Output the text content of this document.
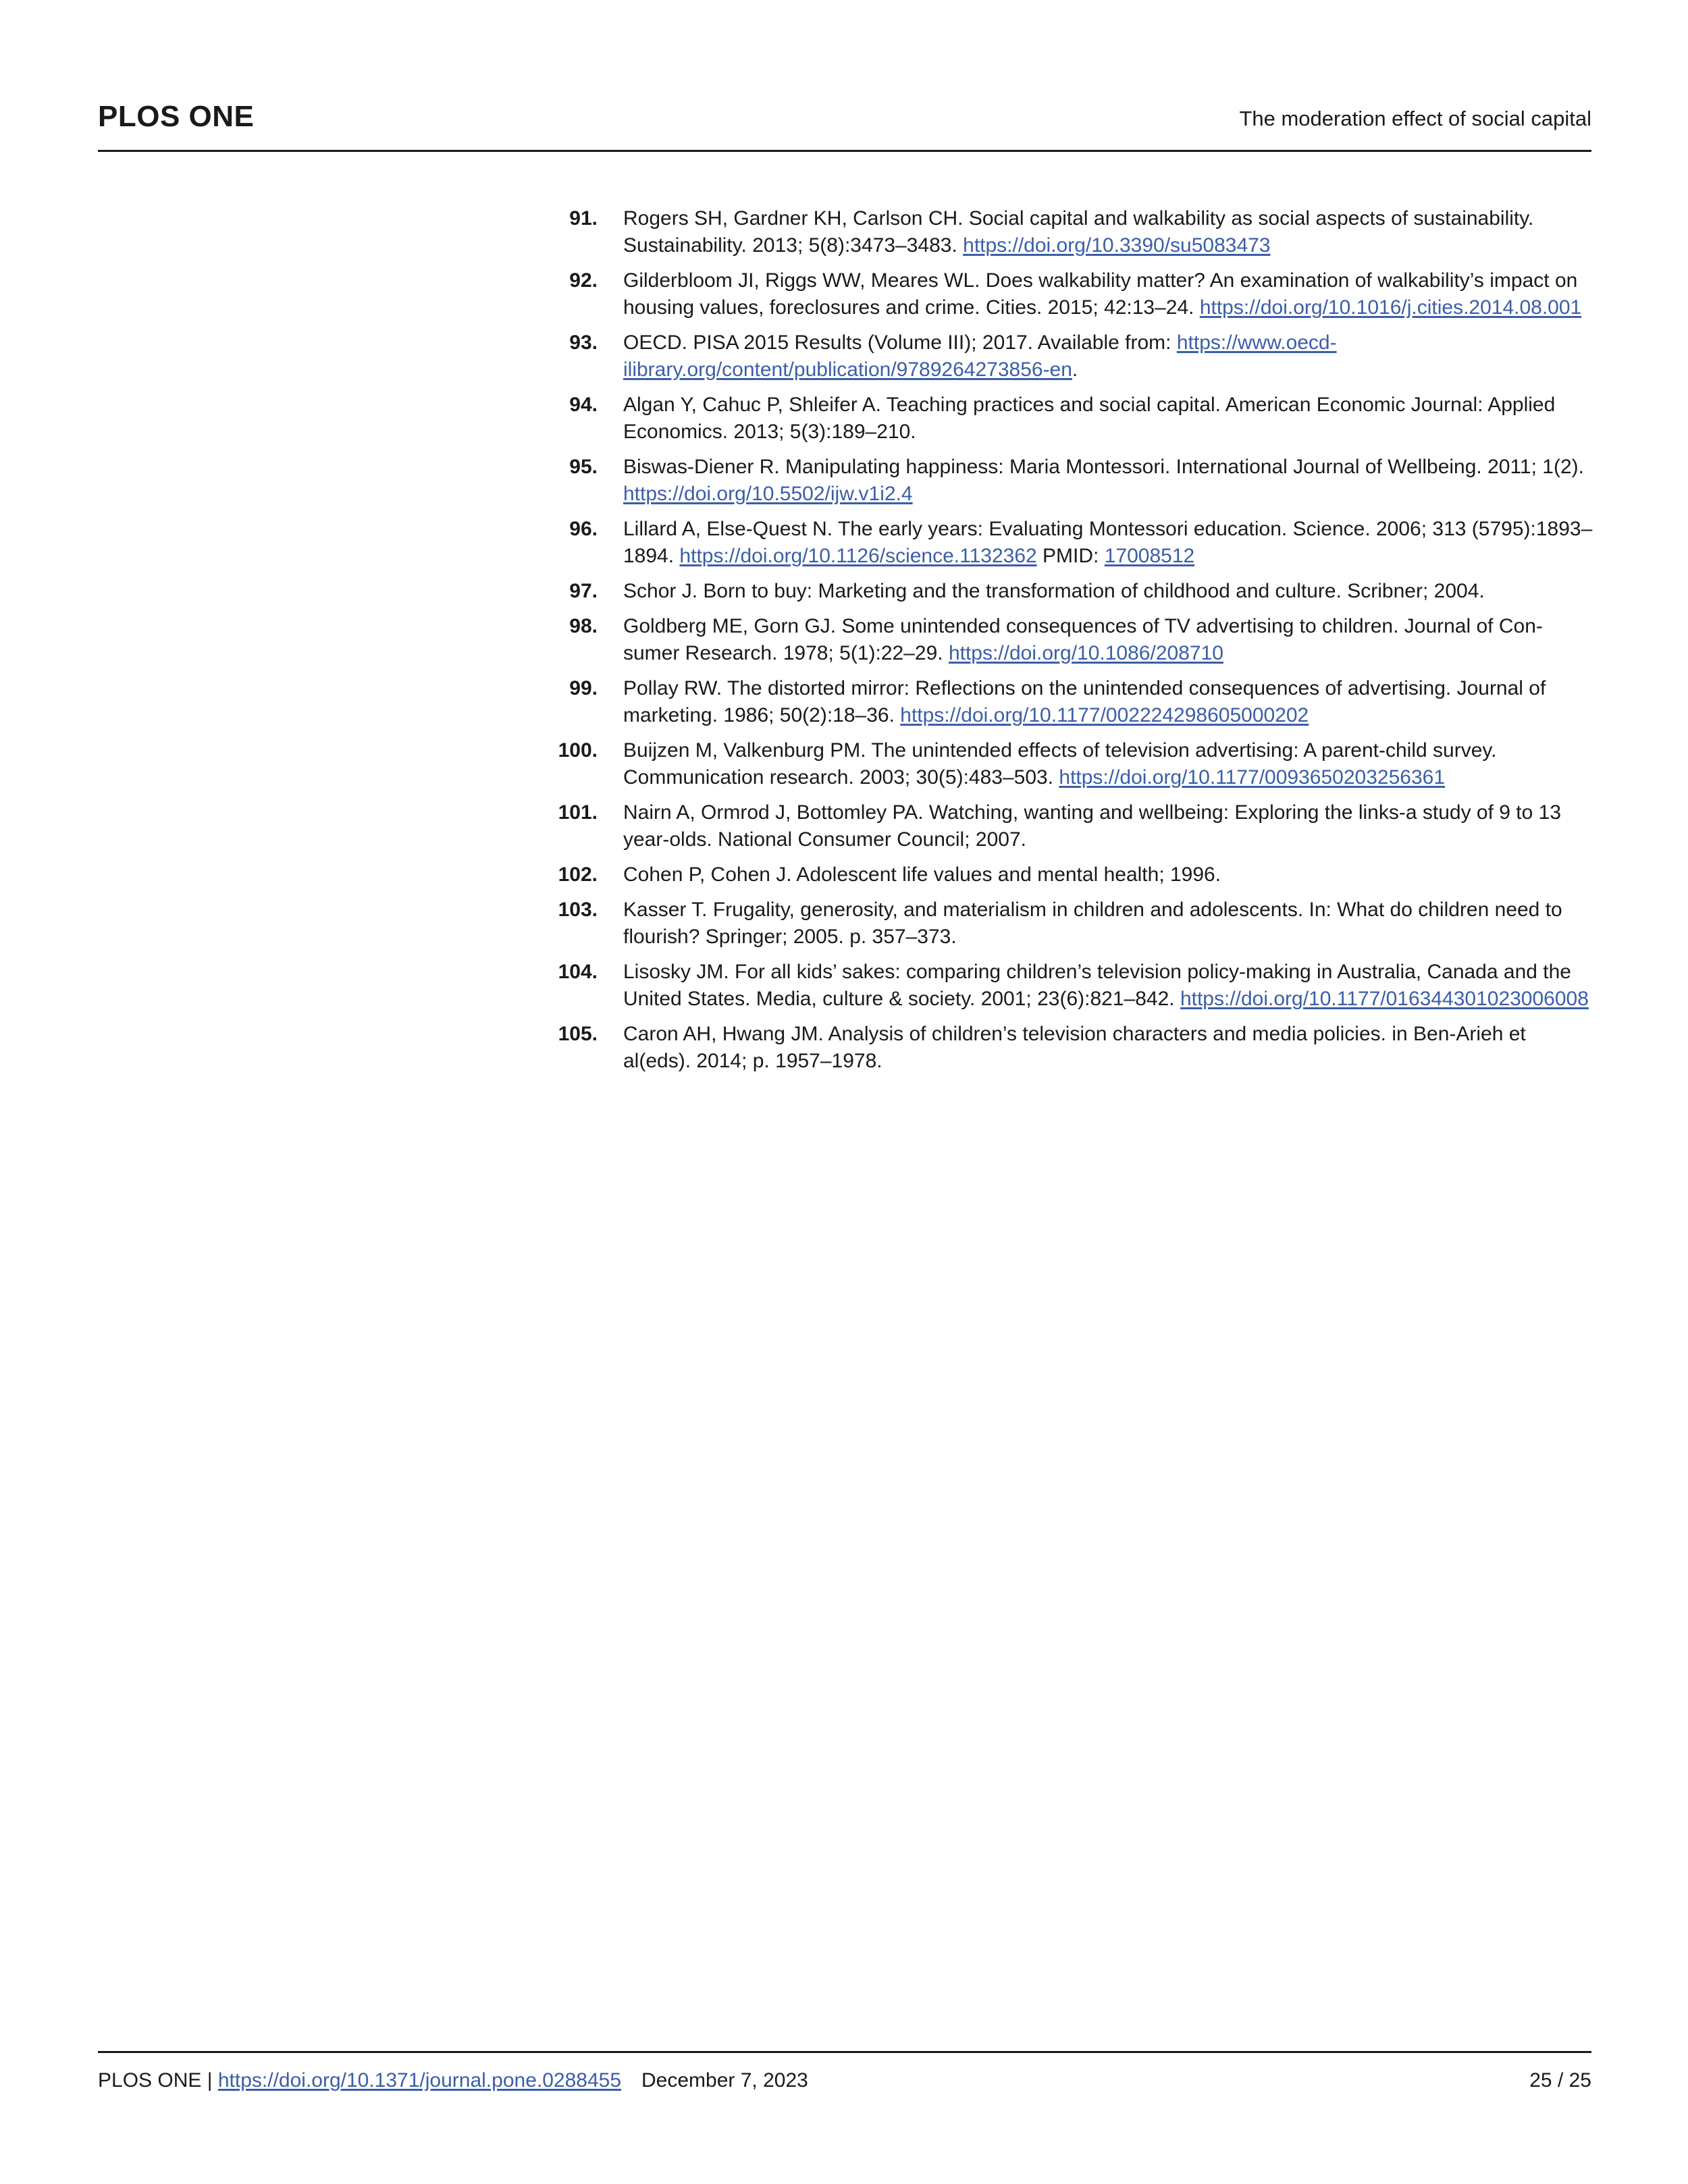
PLOS ONE	The moderation effect of social capital
91. Rogers SH, Gardner KH, Carlson CH. Social capital and walkability as social aspects of sustainability. Sustainability. 2013; 5(8):3473–3483. https://doi.org/10.3390/su5083473
92. Gilderbloom JI, Riggs WW, Meares WL. Does walkability matter? An examination of walkability’s impact on housing values, foreclosures and crime. Cities. 2015; 42:13–24. https://doi.org/10.1016/j.cities.2014.08.001
93. OECD. PISA 2015 Results (Volume III); 2017. Available from: https://www.oecd-ilibrary.org/content/publication/9789264273856-en.
94. Algan Y, Cahuc P, Shleifer A. Teaching practices and social capital. American Economic Journal: Applied Economics. 2013; 5(3):189–210.
95. Biswas-Diener R. Manipulating happiness: Maria Montessori. International Journal of Wellbeing. 2011; 1(2). https://doi.org/10.5502/ijw.v1i2.4
96. Lillard A, Else-Quest N. The early years: Evaluating Montessori education. Science. 2006; 313 (5795):1893–1894. https://doi.org/10.1126/science.1132362 PMID: 17008512
97. Schor J. Born to buy: Marketing and the transformation of childhood and culture. Scribner; 2004.
98. Goldberg ME, Gorn GJ. Some unintended consequences of TV advertising to children. Journal of Con-sumer Research. 1978; 5(1):22–29. https://doi.org/10.1086/208710
99. Pollay RW. The distorted mirror: Reflections on the unintended consequences of advertising. Journal of marketing. 1986; 50(2):18–36. https://doi.org/10.1177/002224298605000202
100. Buijzen M, Valkenburg PM. The unintended effects of television advertising: A parent-child survey. Communication research. 2003; 30(5):483–503. https://doi.org/10.1177/0093650203256361
101. Nairn A, Ormrod J, Bottomley PA. Watching, wanting and wellbeing: Exploring the links-a study of 9 to 13 year-olds. National Consumer Council; 2007.
102. Cohen P, Cohen J. Adolescent life values and mental health; 1996.
103. Kasser T. Frugality, generosity, and materialism in children and adolescents. In: What do children need to flourish? Springer; 2005. p. 357–373.
104. Lisosky JM. For all kids’ sakes: comparing children’s television policy-making in Australia, Canada and the United States. Media, culture & society. 2001; 23(6):821–842. https://doi.org/10.1177/016344301023006008
105. Caron AH, Hwang JM. Analysis of children’s television characters and media policies. in Ben-Arieh et al(eds). 2014; p. 1957–1978.
PLOS ONE | https://doi.org/10.1371/journal.pone.0288455 December 7, 2023	25 / 25
